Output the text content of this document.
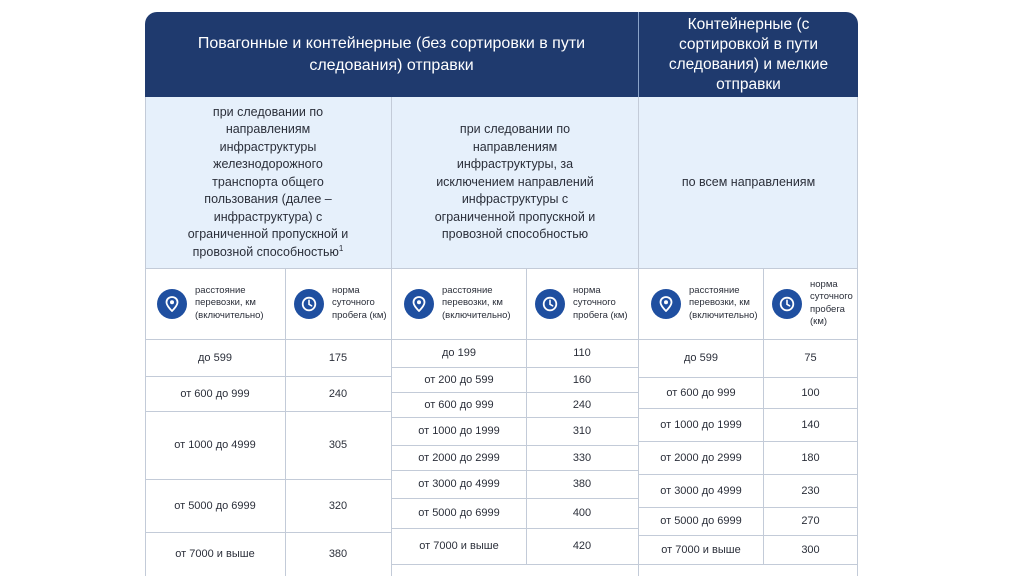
Повагонные и контейнерные (без сортировки в пути следования) отправки
Контейнерные (с сортировкой в пути следования) и мелкие отправки
при следовании по направлениям инфраструктуры железнодорожного транспорта общего пользования (далее – инфраструктура) с ограниченной пропускной и провозной способностью$^1$
при следовании по направлениям инфраструктуры, за исключением направлений инфраструктуры с ограниченной пропускной и провозной способностью
по всем направлениям
расстояние перевозки, км (включительно)
норма суточного пробега (км)
до 599	175
от 600 до 999	240
от 1000 до 4999	305
от 5000 до 6999	320
от 7000 и выше	380
расстояние перевозки, км (включительно)
норма суточного пробега (км)
до 199	110
от 200 до 599	160
от 600 до 999	240
от 1000 до 1999	310
от 2000 до 2999	330
от 3000 до 4999	380
от 5000 до 6999	400
от 7000 и выше	420
расстояние перевозки, км (включительно)
норма суточного пробега (км)
до 599	75
от 600 до 999	100
от 1000 до 1999	140
от 2000 до 2999	180
от 3000 до 4999	230
от 5000 до 6999	270
от 7000 и выше	300
